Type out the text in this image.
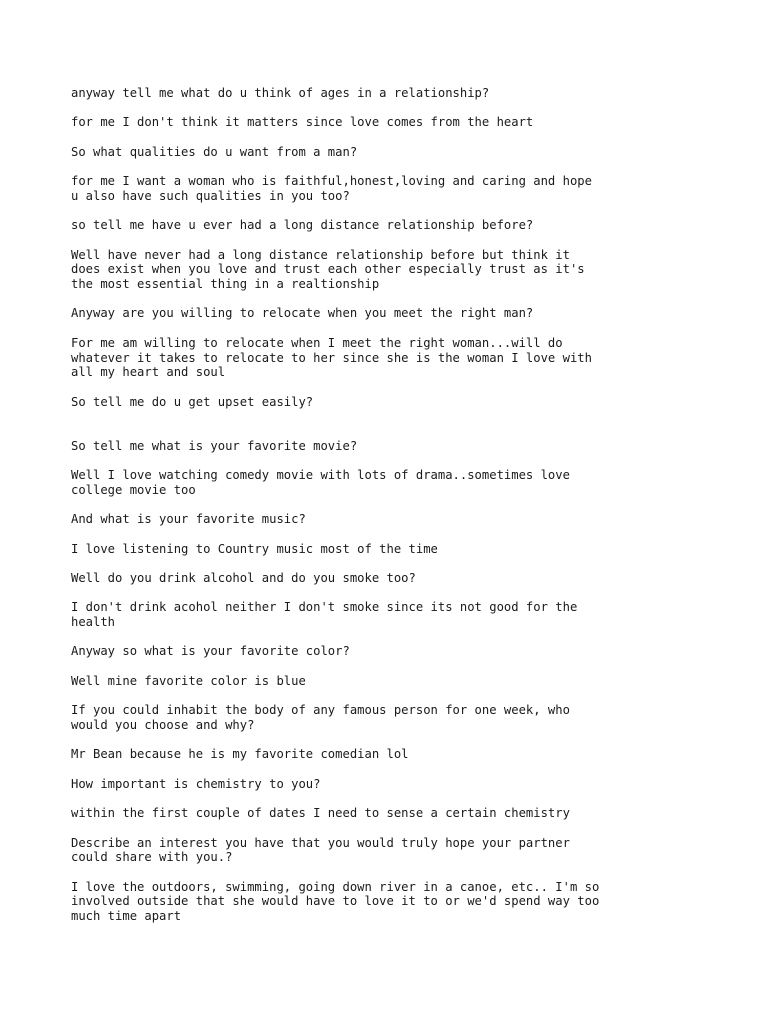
anyway tell me what do u think of ages in a relationship?

for me I don't think it matters since love comes from the heart

So what qualities do u want from a man?

for me I want a woman who is faithful,honest,loving and caring and hope
u also have such qualities in you too?

so tell me have u ever had a long distance relationship before?

Well have never had a long distance relationship before but think it
does exist when you love and trust each other especially trust as it's
the most essential thing in a realtionship

Anyway are you willing to relocate when you meet the right man?

For me am willing to relocate when I meet the right woman...will do
whatever it takes to relocate to her since she is the woman I love with
all my heart and soul

So tell me do u get upset easily?

So tell me what is your favorite movie?

Well I love watching comedy movie with lots of drama..sometimes love
college movie too

And what is your favorite music?

I love listening to Country music most of the time

Well do you drink alcohol and do you smoke too?

I don't drink acohol neither I don't smoke since its not good for the
health

Anyway so what is your favorite color?

Well mine favorite color is blue

If you could inhabit the body of any famous person for one week, who
would you choose and why?

Mr Bean because he is my favorite comedian lol

How important is chemistry to you?

within the first couple of dates I need to sense a certain chemistry

Describe an interest you have that you would truly hope your partner
could share with you.?

I love the outdoors, swimming, going down river in a canoe, etc.. I'm so
involved outside that she would have to love it to or we'd spend way too
much time apart
